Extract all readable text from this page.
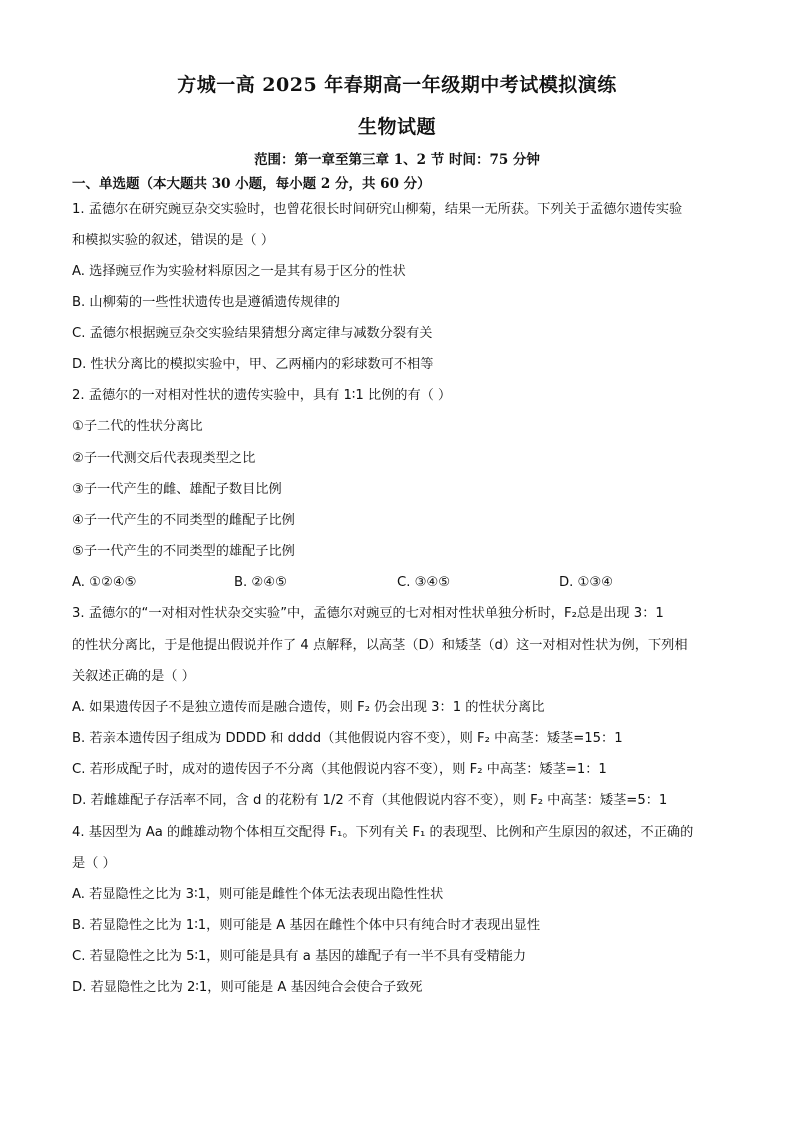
方城一高 2025 年春期高一年级期中考试模拟演练
生物试题
范围：第一章至第三章 1、2 节 时间：75 分钟
一、单选题（本大题共 30 小题，每小题 2 分，共 60 分）
1. 孟德尔在研究豌豆杂交实验时，也曾花很长时间研究山柳菊，结果一无所获。下列关于孟德尔遗传实验
和模拟实验的叙述，错误的是（ ）
A. 选择豌豆作为实验材料原因之一是其有易于区分的性状
B. 山柳菊的一些性状遗传也是遵循遗传规律的
C. 孟德尔根据豌豆杂交实验结果猜想分离定律与减数分裂有关
D. 性状分离比的模拟实验中，甲、乙两桶内的彩球数可不相等
2. 孟德尔的一对相对性状的遗传实验中，具有 1∶1 比例的有（ ）
①子二代的性状分离比
②子一代测交后代表现类型之比
③子一代产生的雌、雄配子数目比例
④子一代产生的不同类型的雌配子比例
⑤子一代产生的不同类型的雄配子比例
A. ①②④⑤	B. ②④⑤	C. ③④⑤	D. ①③④
3. 孟德尔的“一对相对性状杂交实验”中，孟德尔对豌豆的七对相对性状单独分析时，F₂总是出现 3：1
的性状分离比，于是他提出假说并作了 4 点解释，以高茎（D）和矮茎（d）这一对相对性状为例，下列相
关叙述正确的是（ ）
A. 如果遗传因子不是独立遗传而是融合遗传，则 F₂ 仍会出现 3：1 的性状分离比
B. 若亲本遗传因子组成为 DDDD 和 dddd（其他假说内容不变），则 F₂ 中高茎：矮茎=15：1
C. 若形成配子时，成对的遗传因子不分离（其他假说内容不变），则 F₂ 中高茎：矮茎=1：1
D. 若雌雄配子存活率不同，含 d 的花粉有 1/2 不育（其他假说内容不变），则 F₂ 中高茎：矮茎=5：1
4. 基因型为 Aa 的雌雄动物个体相互交配得 F₁。下列有关 F₁ 的表现型、比例和产生原因的叙述，不正确的
是（ ）
A. 若显隐性之比为 3∶1，则可能是雌性个体无法表现出隐性性状
B. 若显隐性之比为 1∶1，则可能是 A 基因在雌性个体中只有纯合时才表现出显性
C. 若显隐性之比为 5∶1，则可能是具有 a 基因的雄配子有一半不具有受精能力
D. 若显隐性之比为 2∶1，则可能是 A 基因纯合会使合子致死
